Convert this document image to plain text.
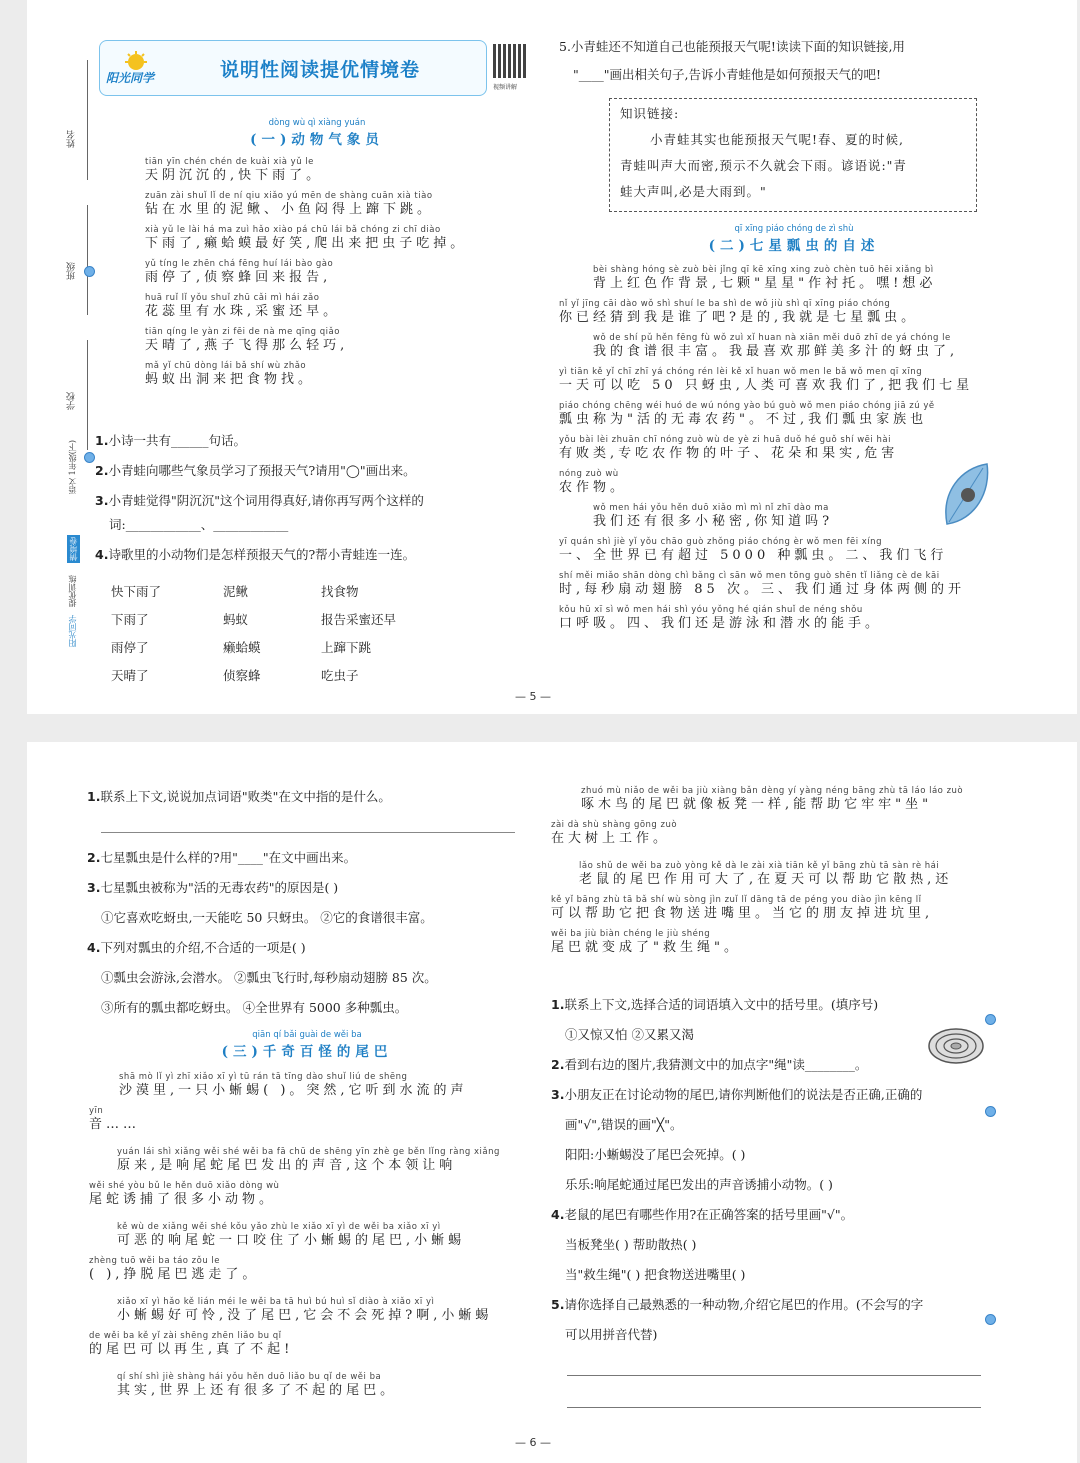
姓名
班级
学校
语文 1年级(下)
情境卷
提优训练
阳光同学
阳光同学	说明性阅读提优情境卷
视频讲解
dòng wù qì xiàng yuán
(一)动物气象员
tiān yīn chén chén de kuài xià yǔ le
天阴沉沉的,快下雨了。
zuān zài shuǐ lǐ de ní qiu xiǎo yú mēn de shàng cuān xià tiào
钻在水里的泥鳅、小鱼闷得上蹿下跳。
xià yǔ le lài há ma zuì hǎo xiào pá chū lái bǎ chóng zi chī diào
下雨了,癞蛤蟆最好笑,爬出来把虫子吃掉。
yǔ tíng le zhēn chá fēng huí lái bào gào
雨停了,侦察蜂回来报告,
huā ruǐ lǐ yǒu shuǐ zhū cǎi mì hái zǎo
花蕊里有水珠,采蜜还早。
tiān qíng le yàn zi fēi de nà me qīng qiǎo
天晴了,燕子飞得那么轻巧,
mǎ yǐ chū dòng lái bǎ shí wù zhǎo
蚂蚁出洞来把食物找。
1.小诗一共有______句话。
2.小青蛙向哪些气象员学习了预报天气?请用"◯"画出来。
3.小青蛙觉得"阴沉沉"这个词用得真好,请你再写两个这样的
词:____________、____________
4.诗歌里的小动物们是怎样预报天气的?帮小青蛙连一连。
快下雨了
下雨了
雨停了
天晴了
泥鳅
蚂蚁
癞蛤蟆
侦察蜂
找食物
报告采蜜还早
上蹿下跳
吃虫子
5.小青蛙还不知道自己也能预报天气呢!读读下面的知识链接,用
"____"画出相关句子,告诉小青蛙他是如何预报天气的吧!
知识链接:
小青蛙其实也能预报天气呢!春、夏的时候,
青蛙叫声大而密,预示不久就会下雨。谚语说:"青
蛙大声叫,必是大雨到。"
qī xīng piáo chóng de zì shù
(二)七星瓢虫的自述
bèi shàng hóng sè zuò bèi jǐng qī kē xīng xing zuò chèn tuō hēi xiǎng bì
背上红色作背景,七颗"星星"作衬托。嘿!想必
nǐ yǐ jīng cāi dào wǒ shì shuí le ba shì de wǒ jiù shì qī xīng piáo chóng
你已经猜到我是谁了吧?是的,我就是七星瓢虫。
wǒ de shí pǔ hěn fēng fù wǒ zuì xǐ huan nà xiān měi duō zhī de yá chóng le
我的食谱很丰富。我最喜欢那鲜美多汁的蚜虫了,
yì tiān kě yǐ chī zhī yá chóng rén lèi kě xǐ huan wǒ men le bǎ wǒ men qī xīng
一天可以吃 50 只蚜虫,人类可喜欢我们了,把我们七星
piáo chóng chēng wéi huó de wú nóng yào bú guò wǒ men piáo chóng jiā zú yě
瓢虫称为"活的无毒农药"。不过,我们瓢虫家族也
yǒu bài lèi zhuān chī nóng zuò wù de yè zi huā duǒ hé guǒ shí wēi hài
有败类,专吃农作物的叶子、花朵和果实,危害
nóng zuò wù
农作物。
wǒ men hái yǒu hěn duō xiǎo mì mì nǐ zhī dào ma
我们还有很多小秘密,你知道吗?
yī quán shì jiè yǐ yǒu chāo guò zhǒng piáo chóng èr wǒ men fēi xíng
一、全世界已有超过 5000 种瓢虫。二、我们飞行
shí měi miǎo shān dòng chì bǎng cì sān wǒ men tōng guò shēn tǐ liǎng cè de kāi
时,每秒扇动翅膀 85 次。三、我们通过身体两侧的开
kǒu hū xī sì wǒ men hái shì yóu yǒng hé qián shuǐ de néng shǒu
口呼吸。四、我们还是游泳和潜水的能手。
— 5 —
1.联系上下文,说说加点词语"败类"在文中指的是什么。
2.七星瓢虫是什么样的?用"____"在文中画出来。
3.七星瓢虫被称为"活的无毒农药"的原因是( )
①它喜欢吃蚜虫,一天能吃 50 只蚜虫。 ②它的食谱很丰富。
4.下列对瓢虫的介绍,不合适的一项是( )
①瓢虫会游泳,会潜水。 ②瓢虫飞行时,每秒扇动翅膀 85 次。
③所有的瓢虫都吃蚜虫。 ④全世界有 5000 多种瓢虫。
qiān qí bǎi guài de wěi ba
(三)千奇百怪的尾巴
shā mò lǐ yì zhī xiǎo xī yì tū rán tā tīng dào shuǐ liú de shēng
沙漠里,一只小蜥蜴( )。突然,它听到水流的声
yīn
音……
yuán lái shì xiǎng wěi shé wěi ba fā chū de shēng yīn zhè ge běn lǐng ràng xiǎng
原来,是响尾蛇尾巴发出的声音,这个本领让响
wěi shé yòu bǔ le hěn duō xiǎo dòng wù
尾蛇诱捕了很多小动物。
kě wù de xiǎng wěi shé kǒu yǎo zhù le xiǎo xī yì de wěi ba xiǎo xī yì
可恶的响尾蛇一口咬住了小蜥蜴的尾巴,小蜥蜴
zhèng tuō wěi ba táo zǒu le
( ),挣脱尾巴逃走了。
xiǎo xī yì hǎo kě lián méi le wěi ba tā huì bú huì sǐ diào à xiǎo xī yì
小蜥蜴好可怜,没了尾巴,它会不会死掉?啊,小蜥蜴
de wěi ba kě yǐ zài shēng zhēn liǎo bu qǐ
的尾巴可以再生,真了不起!
qí shí shì jiè shàng hái yǒu hěn duō liǎo bu qǐ de wěi ba
其实,世界上还有很多了不起的尾巴。
zhuó mù niǎo de wěi ba jiù xiàng bǎn dèng yí yàng néng bāng zhù tā láo láo zuò
啄木鸟的尾巴就像板凳一样,能帮助它牢牢"坐"
zài dà shù shàng gōng zuò
在大树上工作。
lǎo shǔ de wěi ba zuò yòng kě dà le zài xià tiān kě yǐ bāng zhù tā sàn rè hái
老鼠的尾巴作用可大了,在夏天可以帮助它散热,还
kě yǐ bāng zhù tā bǎ shí wù sòng jìn zuǐ lǐ dāng tā de péng you diào jìn kēng lǐ
可以帮助它把食物送进嘴里。当它的朋友掉进坑里,
wěi ba jiù biàn chéng le jiù shéng
尾巴就变成了"救生绳"。
1.联系上下文,选择合适的词语填入文中的括号里。(填序号)
①又惊又怕 ②又累又渴
2.看到右边的图片,我猜测文中的加点字"绳"读________。
3.小朋友正在讨论动物的尾巴,请你判断他们的说法是否正确,正确的
画"√",错误的画"╳"。
阳阳:小蜥蜴没了尾巴会死掉。( )
乐乐:响尾蛇通过尾巴发出的声音诱捕小动物。( )
4.老鼠的尾巴有哪些作用?在正确答案的括号里画"√"。
当板凳坐( ) 帮助散热( )
当"救生绳"( ) 把食物送进嘴里( )
5.请你选择自己最熟悉的一种动物,介绍它尾巴的作用。(不会写的字
可以用拼音代替)
— 6 —
